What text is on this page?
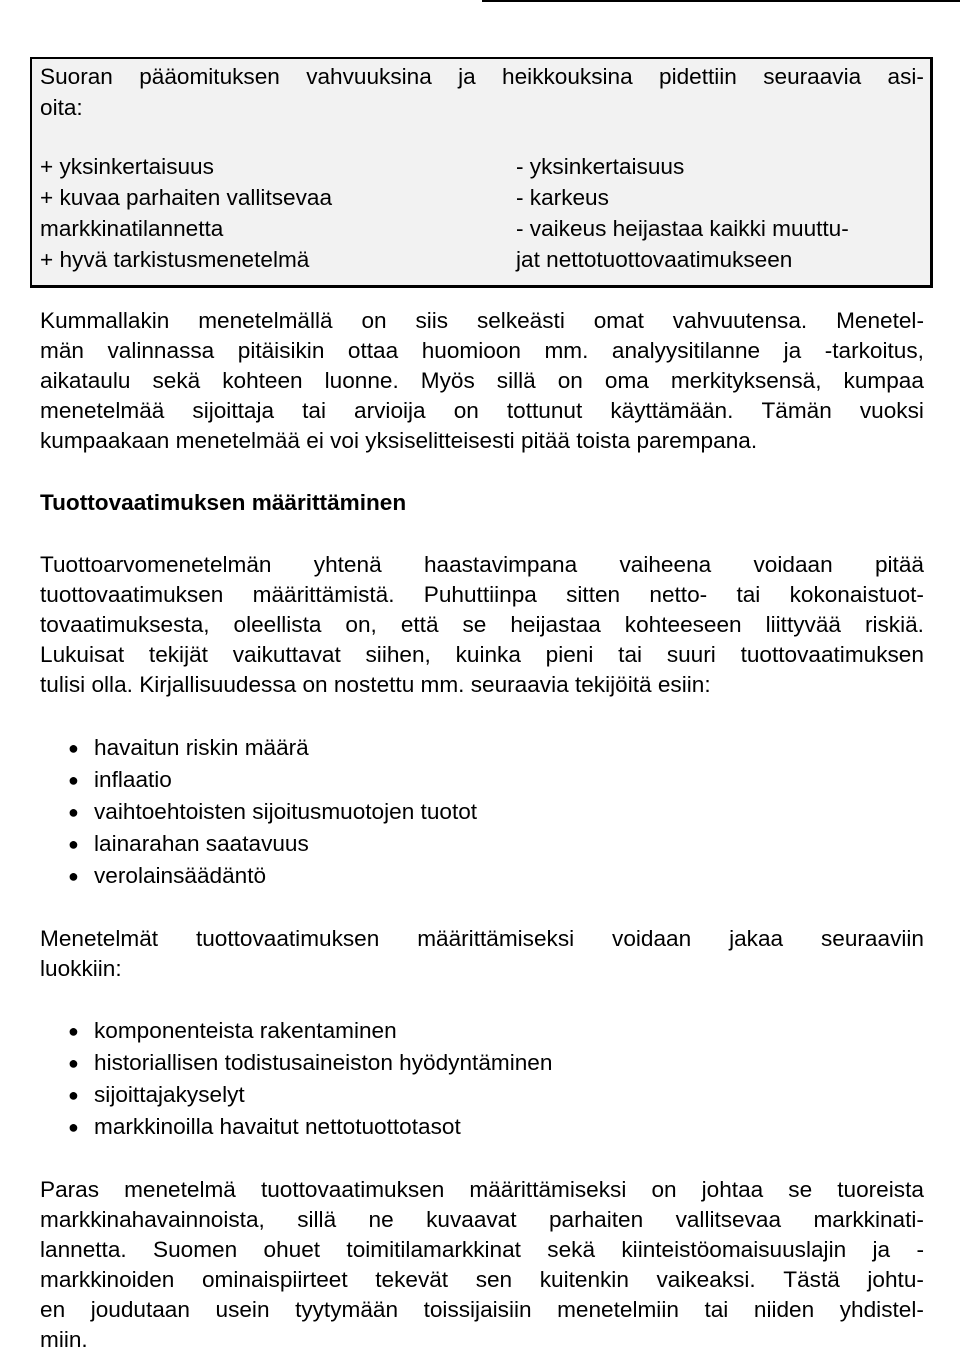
Suoran pääomituksen vahvuuksina ja heikkouksina pidettiin seuraavia asi-
oita:
+ yksinkertaisuus
+ kuvaa parhaiten vallitsevaa
markkinatilannetta
+ hyvä tarkistusmenetelmä
- yksinkertaisuus
- karkeus
- vaikeus heijastaa kaikki muuttu-
jat nettotuottovaatimukseen
Kummallakin menetelmällä on siis selkeästi omat vahvuutensa. Menetel-
män valinnassa pitäisikin ottaa huomioon mm. analyysitilanne ja -tarkoitus,
aikataulu sekä kohteen luonne. Myös sillä on oma merkityksensä, kumpaa
menetelmää sijoittaja tai arvioija on tottunut käyttämään. Tämän vuoksi
kumpaakaan menetelmää ei voi yksiselitteisesti pitää toista parempana.
Tuottovaatimuksen määrittäminen
Tuottoarvomenetelmän yhtenä haastavimpana vaiheena voidaan pitää
tuottovaatimuksen määrittämistä. Puhuttiinpa sitten netto- tai kokonaistuot-
tovaatimuksesta, oleellista on, että se heijastaa kohteeseen liittyvää riskiä.
Lukuisat tekijät vaikuttavat siihen, kuinka pieni tai suuri tuottovaatimuksen
tulisi olla. Kirjallisuudessa on nostettu mm. seuraavia tekijöitä esiin:
● havaitun riskin määrä
● inflaatio
● vaihtoehtoisten sijoitusmuotojen tuotot
● lainarahan saatavuus
● verolainsäädäntö
Menetelmät tuottovaatimuksen määrittämiseksi voidaan jakaa seuraaviin
luokkiin:
● komponenteista rakentaminen
● historiallisen todistusaineiston hyödyntäminen
● sijoittajakyselyt
● markkinoilla havaitut nettotuottotasot
Paras menetelmä tuottovaatimuksen määrittämiseksi on johtaa se tuoreista
markkinahavainnoista, sillä ne kuvaavat parhaiten vallitsevaa markkinati-
lannetta. Suomen ohuet toimitilamarkkinat sekä kiinteistöomaisuuslajin ja -
markkinoiden ominaispiirteet tekevät sen kuitenkin vaikeaksi. Tästä johtu-
en joudutaan usein tyytymään toissijaisiin menetelmiin tai niiden yhdistel-
miin.
